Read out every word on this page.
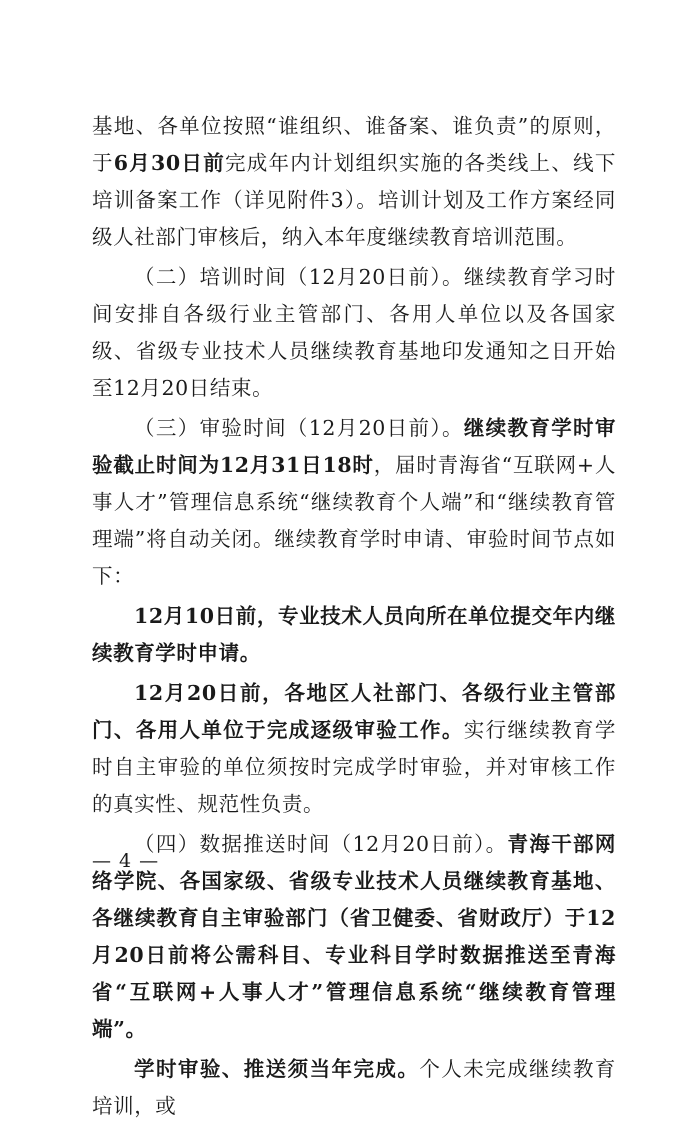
基地、各单位按照“谁组织、谁备案、谁负责”的原则，于6月30日前完成年内计划组织实施的各类线上、线下培训备案工作（详见附件3）。培训计划及工作方案经同级人社部门审核后，纳入本年度继续教育培训范围。

（二）培训时间（12月20日前）。继续教育学习时间安排自各级行业主管部门、各用人单位以及各国家级、省级专业技术人员继续教育基地印发通知之日开始至12月20日结束。

（三）审验时间（12月20日前）。继续教育学时审验截止时间为12月31日18时，届时青海省“互联网+人事人才”管理信息系统“继续教育个人端”和“继续教育管理端”将自动关闭。继续教育学时申请、审验时间节点如下：

12月10日前，专业技术人员向所在单位提交年内继续教育学时申请。

12月20日前，各地区人社部门、各级行业主管部门、各用人单位于完成逐级审验工作。实行继续教育学时自主审验的单位须按时完成学时审验，并对审核工作的真实性、规范性负责。

（四）数据推送时间（12月20日前）。青海干部网络学院、各国家级、省级专业技术人员继续教育基地、各继续教育自主审验部门（省卫健委、省财政厅）于12月20日前将公需科目、专业科目学时数据推送至青海省“互联网+人事人才”管理信息系统“继续教育管理端”。

学时审验、推送须当年完成。个人未完成继续教育培训，或

— 4 —
